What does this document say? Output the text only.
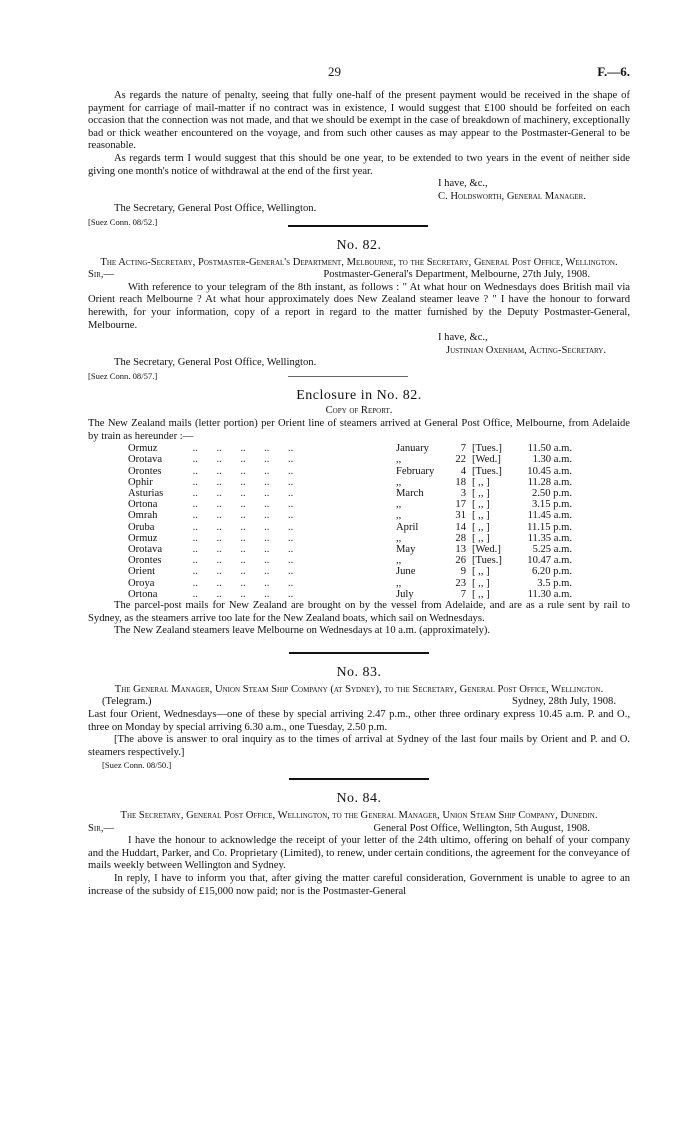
29	F.—6.

As regards the nature of penalty, seeing that fully one-half of the present payment would be received in the shape of payment for carriage of mail-matter if no contract was in existence, I would suggest that £100 should be forfeited on each occasion that the connection was not made, and that we should be exempt in the case of breakdown of machinery, exceptionally bad or thick weather encountered on the voyage, and from such other causes as may appear to the Postmaster-General to be reasonable.

As regards term I would suggest that this should be one year, to be extended to two years in the event of neither side giving one month's notice of withdrawal at the end of the first year.

I have, &c.,

C. Holdsworth, General Manager.

The Secretary, General Post Office, Wellington.

[Suez Conn. 08/52.]

No. 82.

The Acting-Secretary, Postmaster-General's Department, Melbourne, to the Secretary, General Post Office, Wellington.

Sir,—	Postmaster-General's Department, Melbourne, 27th July, 1908.

With reference to your telegram of the 8th instant, as follows : " At what hour on Wednesdays does British mail via Orient reach Melbourne ? At what hour approximately does New Zealand steamer leave ? " I have the honour to forward herewith, for your information, copy of a report in regard to the matter furnished by the Deputy Postmaster-General, Melbourne.

I have, &c.,

Justinian Oxenham, Acting-Secretary.

The Secretary, General Post Office, Wellington.

[Suez Conn. 08/57.]

Enclosure in No. 82.

Copy of Report.

The New Zealand mails (letter portion) per Orient line of steamers arrived at General Post Office, Melbourne, from Adelaide by train as hereunder :—

Ormuz	..       ..       ..       ..       ..	January	7	[Tues.]	11.50 a.m.
Orotava	..       ..       ..       ..       ..	,,	22	[Wed.]	1.30 a.m.
Orontes	..       ..       ..       ..       ..	February	4	[Tues.]	10.45 a.m.
Ophir	..       ..       ..       ..       ..	,,	18	[ ,, ]	11.28 a.m.
Asturias	..       ..       ..       ..       ..	March	3	[ ,, ]	2.50 p.m.
Ortona	..       ..       ..       ..       ..	,,	17	[ ,, ]	3.15 p.m.
Omrah	..       ..       ..       ..       ..	,,	31	[ ,, ]	11.45 a.m.
Oruba	..       ..       ..       ..       ..	April	14	[ ,, ]	11.15 p.m.
Ormuz	..       ..       ..       ..       ..	,,	28	[ ,, ]	11.35 a.m.
Orotava	..       ..       ..       ..       ..	May	13	[Wed.]	5.25 a.m.
Orontes	..       ..       ..       ..       ..	,,	26	[Tues.]	10.47 a.m.
Orient	..       ..       ..       ..       ..	June	9	[ ,, ]	6.20 p.m.
Oroya	..       ..       ..       ..       ..	,,	23	[ ,, ]	3.5 p.m.
Ortona	..       ..       ..       ..       ..	July	7	[ ,, ]	11.30 a.m.

The parcel-post mails for New Zealand are brought on by the vessel from Adelaide, and are as a rule sent by rail to Sydney, as the steamers arrive too late for the New Zealand boats, which sail on Wednesdays.

The New Zealand steamers leave Melbourne on Wednesdays at 10 a.m. (approximately).

No. 83.

The General Manager, Union Steam Ship Company (at Sydney), to the Secretary, General Post Office, Wellington.

(Telegram.)	Sydney, 28th July, 1908.

Last four Orient, Wednesdays—one of these by special arriving 2.47 p.m., other three ordinary express 10.45 a.m. P. and O., three on Monday by special arriving 6.30 a.m., one Tuesday, 2.50 p.m.

[The above is answer to oral inquiry as to the times of arrival at Sydney of the last four mails by Orient and P. and O. steamers respectively.]

[Suez Conn. 08/50.]

No. 84.

The Secretary, General Post Office, Wellington, to the General Manager, Union Steam Ship Company, Dunedin.

Sir,—	General Post Office, Wellington, 5th August, 1908.

I have the honour to acknowledge the receipt of your letter of the 24th ultimo, offering on behalf of your company and the Huddart, Parker, and Co. Proprietary (Limited), to renew, under certain conditions, the agreement for the conveyance of mails weekly between Wellington and Sydney.

In reply, I have to inform you that, after giving the matter careful consideration, Government is unable to agree to an increase of the subsidy of £15,000 now paid; nor is the Postmaster-General
